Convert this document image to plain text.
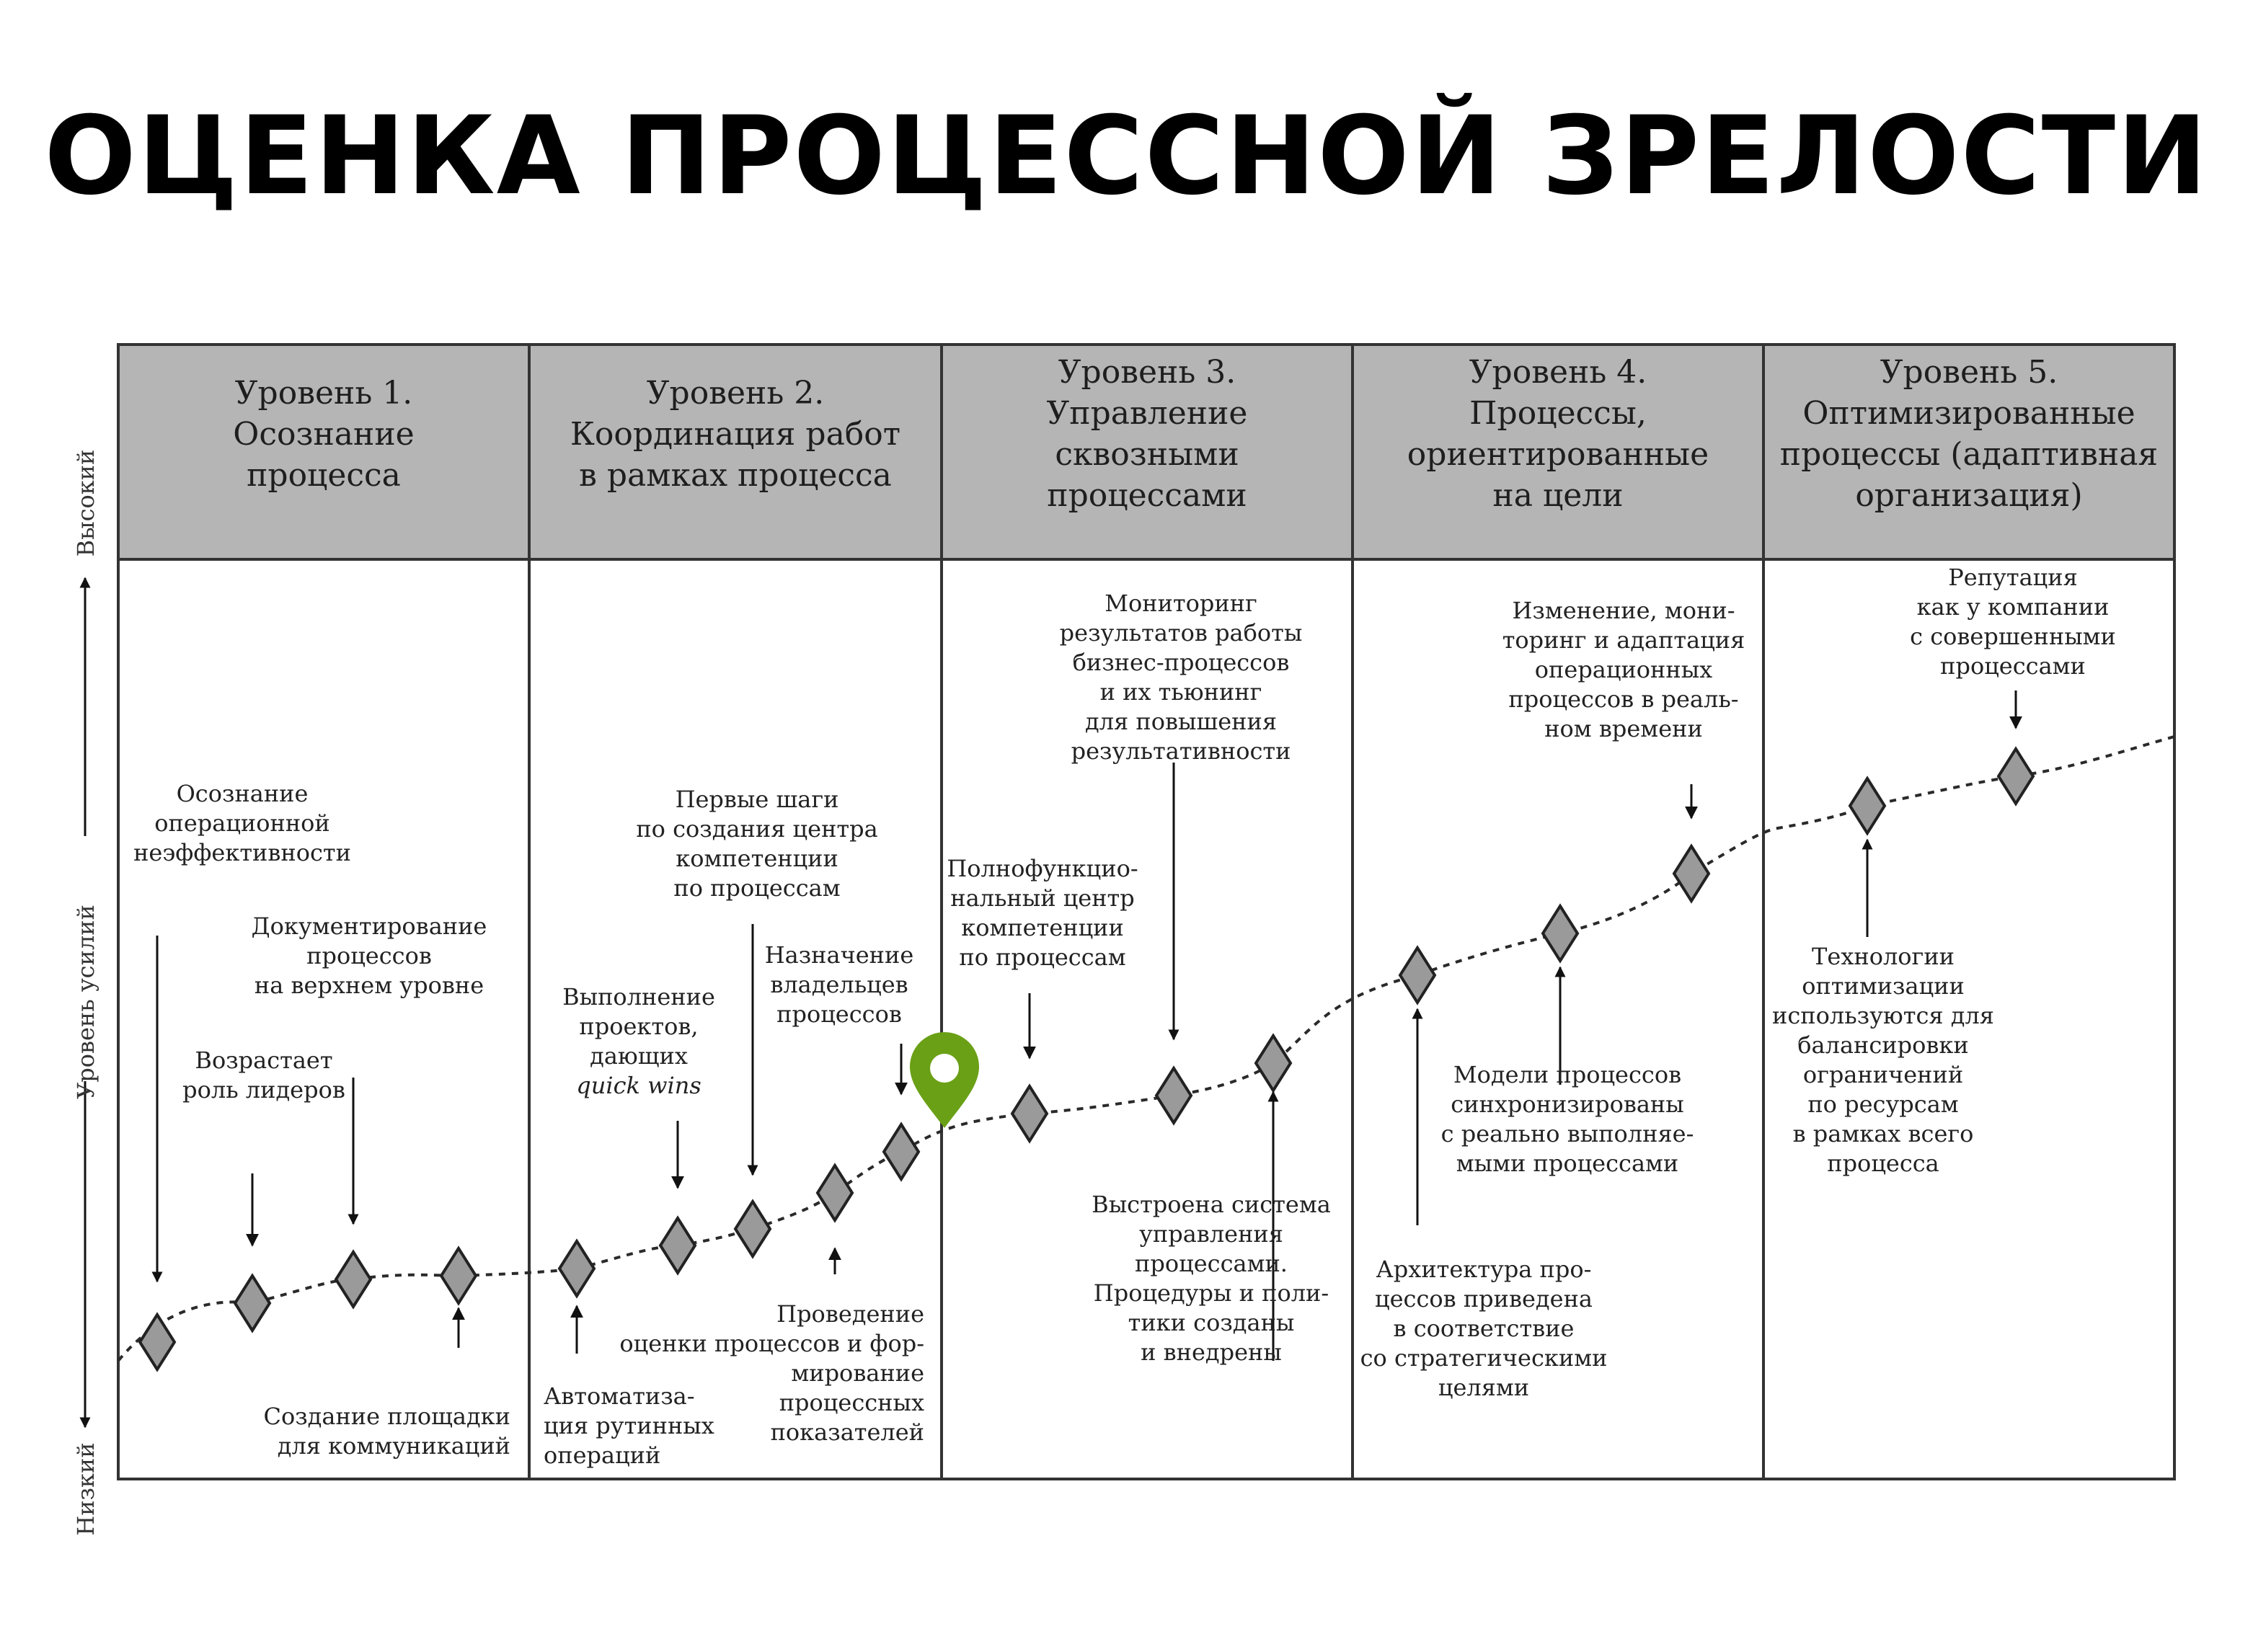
ОЦЕНКА ПРОЦЕССНОЙ ЗРЕЛОСТИ
Уровень 1. Осознание процесса
Уровень 2. Координация работ в рамках процесса
Уровень 3. Управление сквозными процессами
Уровень 4. Процессы, ориентированные на цели
Уровень 5. Оптимизированные процессы (адаптивная организация)
Высокий
Уровень усилий
Низкий
Осознание операционной неэффективности
Документирование процессов на верхнем уровне
Возрастает роль лидеров
Создание площадки для коммуникаций
Автоматиза-ция рутинных операций
Выполнение проектов, дающих quick wins
Первые шаги по создания центра компетенции по процессам
Назначение владельцев процессов
Проведение оценки процессов и фор-мирование процессных показателей
Полнофункцио-нальный центр компетенции по процессам
Мониторинг результатов работы бизнес-процессов и их тьюнинг для повышения результативности
Выстроена система управления процессами. Процедуры и поли-тики созданы и внедрены
Архитектура про-цессов приведена в соответствие со стратегическими целями
Модели процессов синхронизированы с реально выполняе-мыми процессами
Изменение, мони-торинг и адаптация операционных процессов в реаль-ном времени
Технологии оптимизации используются для балансировки ограничений по ресурсам в рамках всего процесса
Репутация как у компании с совершенными процессами
